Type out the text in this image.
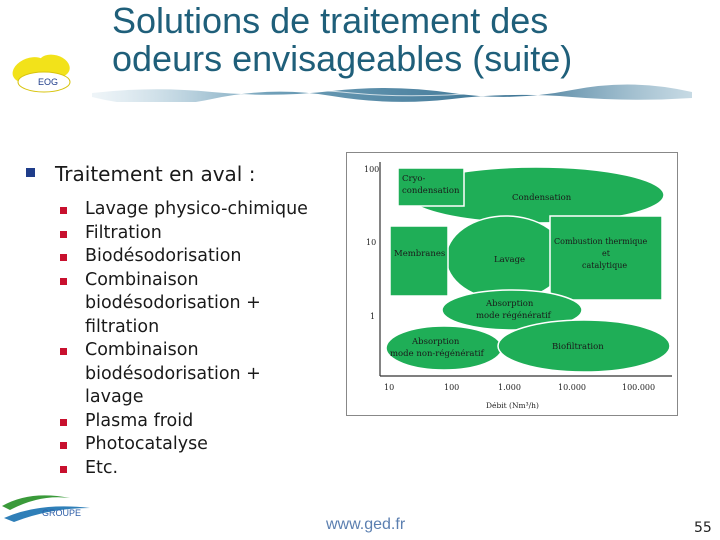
EOG
Solutions de traitement des
odeurs envisageables (suite)
Traitement en aval :
Lavage physico-chimique
Filtration
Biodésodorisation
Combinaison
biodésodorisation +
filtration
Combinaison
biodésodorisation +
lavage
Plasma froid
Photocatalyse
Etc.
100
10
1
10	100	1.000	10.000	100.000
Débit (Nm³/h)
Cryo-
condensation
Condensation
Membranes
Lavage
Combustion thermique
et
catalytique
Absorption
mode régénératif
Absorption
mode non-régénératif
Biofiltration
GROUPE
www.ged.fr	55
